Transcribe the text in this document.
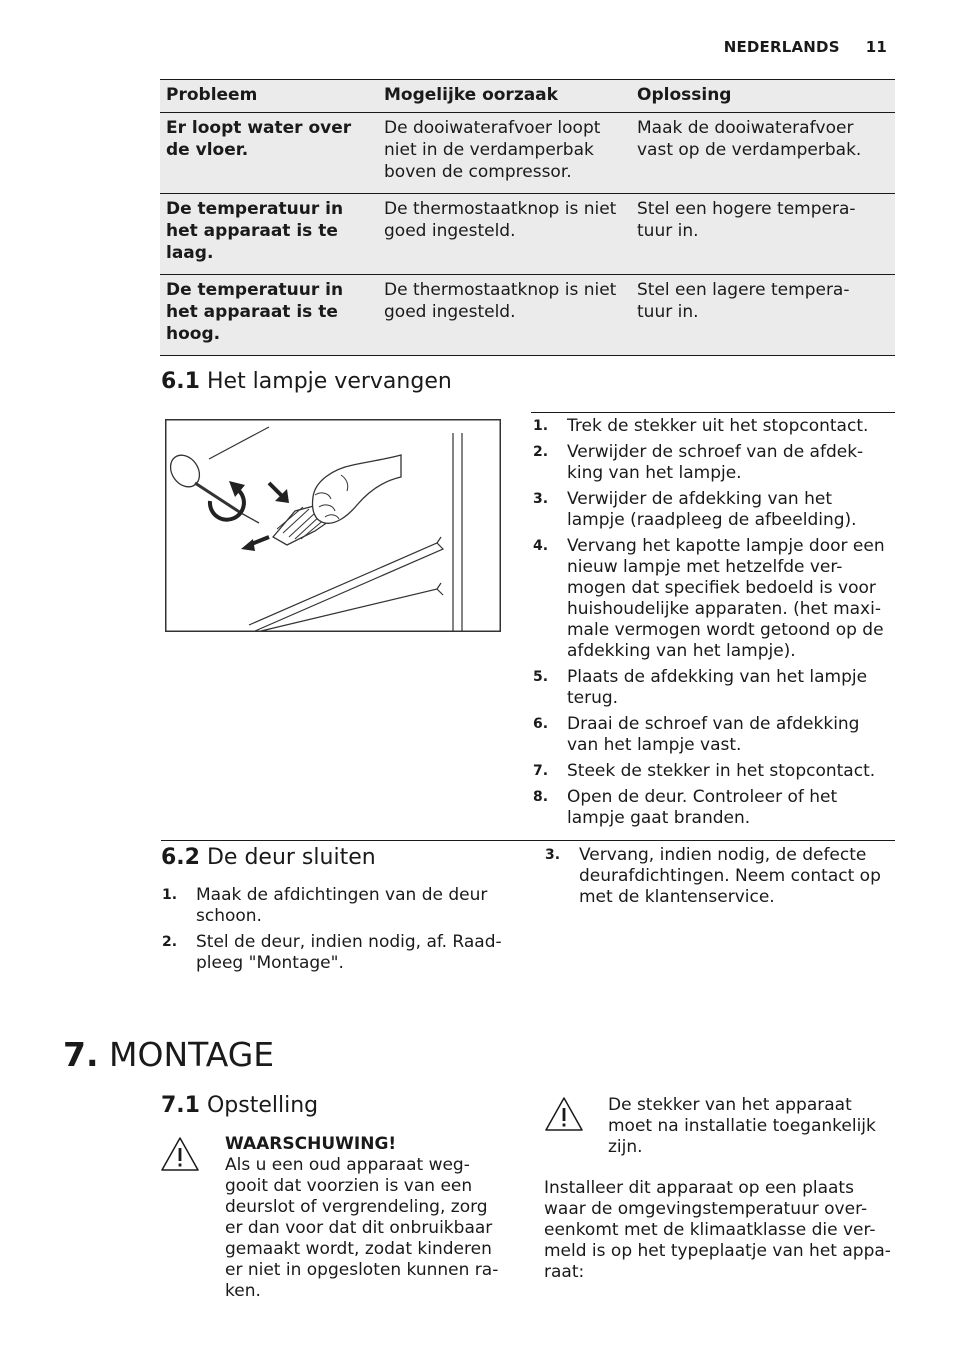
NEDERLANDS 11
Probleem	Mogelijke oorzaak	Oplossing
Er loopt water over de vloer.	De dooiwaterafvoer loopt niet in de verdamperbak boven de compressor.	Maak de dooiwaterafvoer vast op de verdamperbak.
De temperatuur in het apparaat is te laag.	De thermostaatknop is niet goed ingesteld.	Stel een hogere tempera- tuur in.
De temperatuur in het apparaat is te hoog.	De thermostaatknop is niet goed ingesteld.	Stel een lagere tempera- tuur in.
6.1 Het lampje vervangen
1. Trek de stekker uit het stopcontact.
2. Verwijder de schroef van de afdek- king van het lampje.
3. Verwijder de afdekking van het lampje (raadpleeg de afbeelding).
4. Vervang het kapotte lampje door een nieuw lampje met hetzelfde ver- mogen dat specifiek bedoeld is voor huishoudelijke apparaten. (het maxi- male vermogen wordt getoond op de afdekking van het lampje).
5. Plaats de afdekking van het lampje terug.
6. Draai de schroef van de afdekking van het lampje vast.
7. Steek de stekker in het stopcontact.
8. Open de deur. Controleer of het lampje gaat branden.
6.2 De deur sluiten
1. Maak de afdichtingen van de deur schoon.
2. Stel de deur, indien nodig, af. Raad- pleeg "Montage".
3. Vervang, indien nodig, de defecte deurafdichtingen. Neem contact op met de klantenservice.
7. MONTAGE
7.1 Opstelling
WAARSCHUWING!
Als u een oud apparaat weg- gooit dat voorzien is van een deurslot of vergrendeling, zorg er dan voor dat dit onbruikbaar gemaakt wordt, zodat kinderen er niet in opgesloten kunnen ra- ken.
De stekker van het apparaat moet na installatie toegankelijk zijn.
Installeer dit apparaat op een plaats waar de omgevingstemperatuur over- eenkomt met de klimaatklasse die ver- meld is op het typeplaatje van het appa- raat:
